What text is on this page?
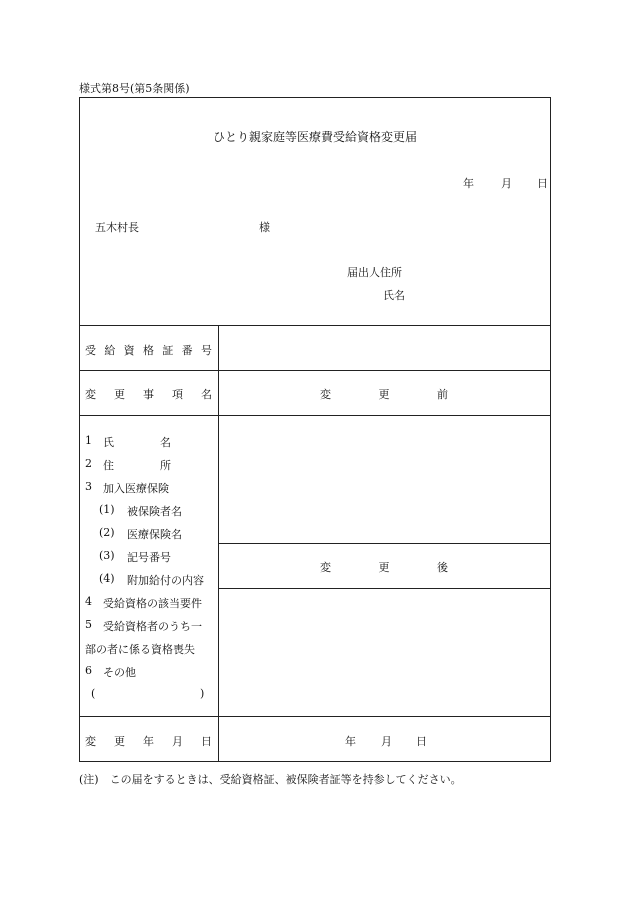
様式第8号(第5条関係)
ひとり親家庭等医療費受給資格変更届
年 月 日
五木村長	様
届出人住所
氏名
受 給 資 格 証 番 号
変 更 事 項 名	変	更	前
変	更	後
1 氏	名
2 住	所
3 加入医療保険
(1) 被保険者名
(2) 医療保険名
(3) 記号番号
(4) 附加給付の内容
4 受給資格の該当要件
5 受給資格者のうち一
部の者に係る資格喪失
6 その他
(	)
変 更 年 月 日	年 月 日
(注)　この届をするときは、受給資格証、被保険者証等を持参してください。
